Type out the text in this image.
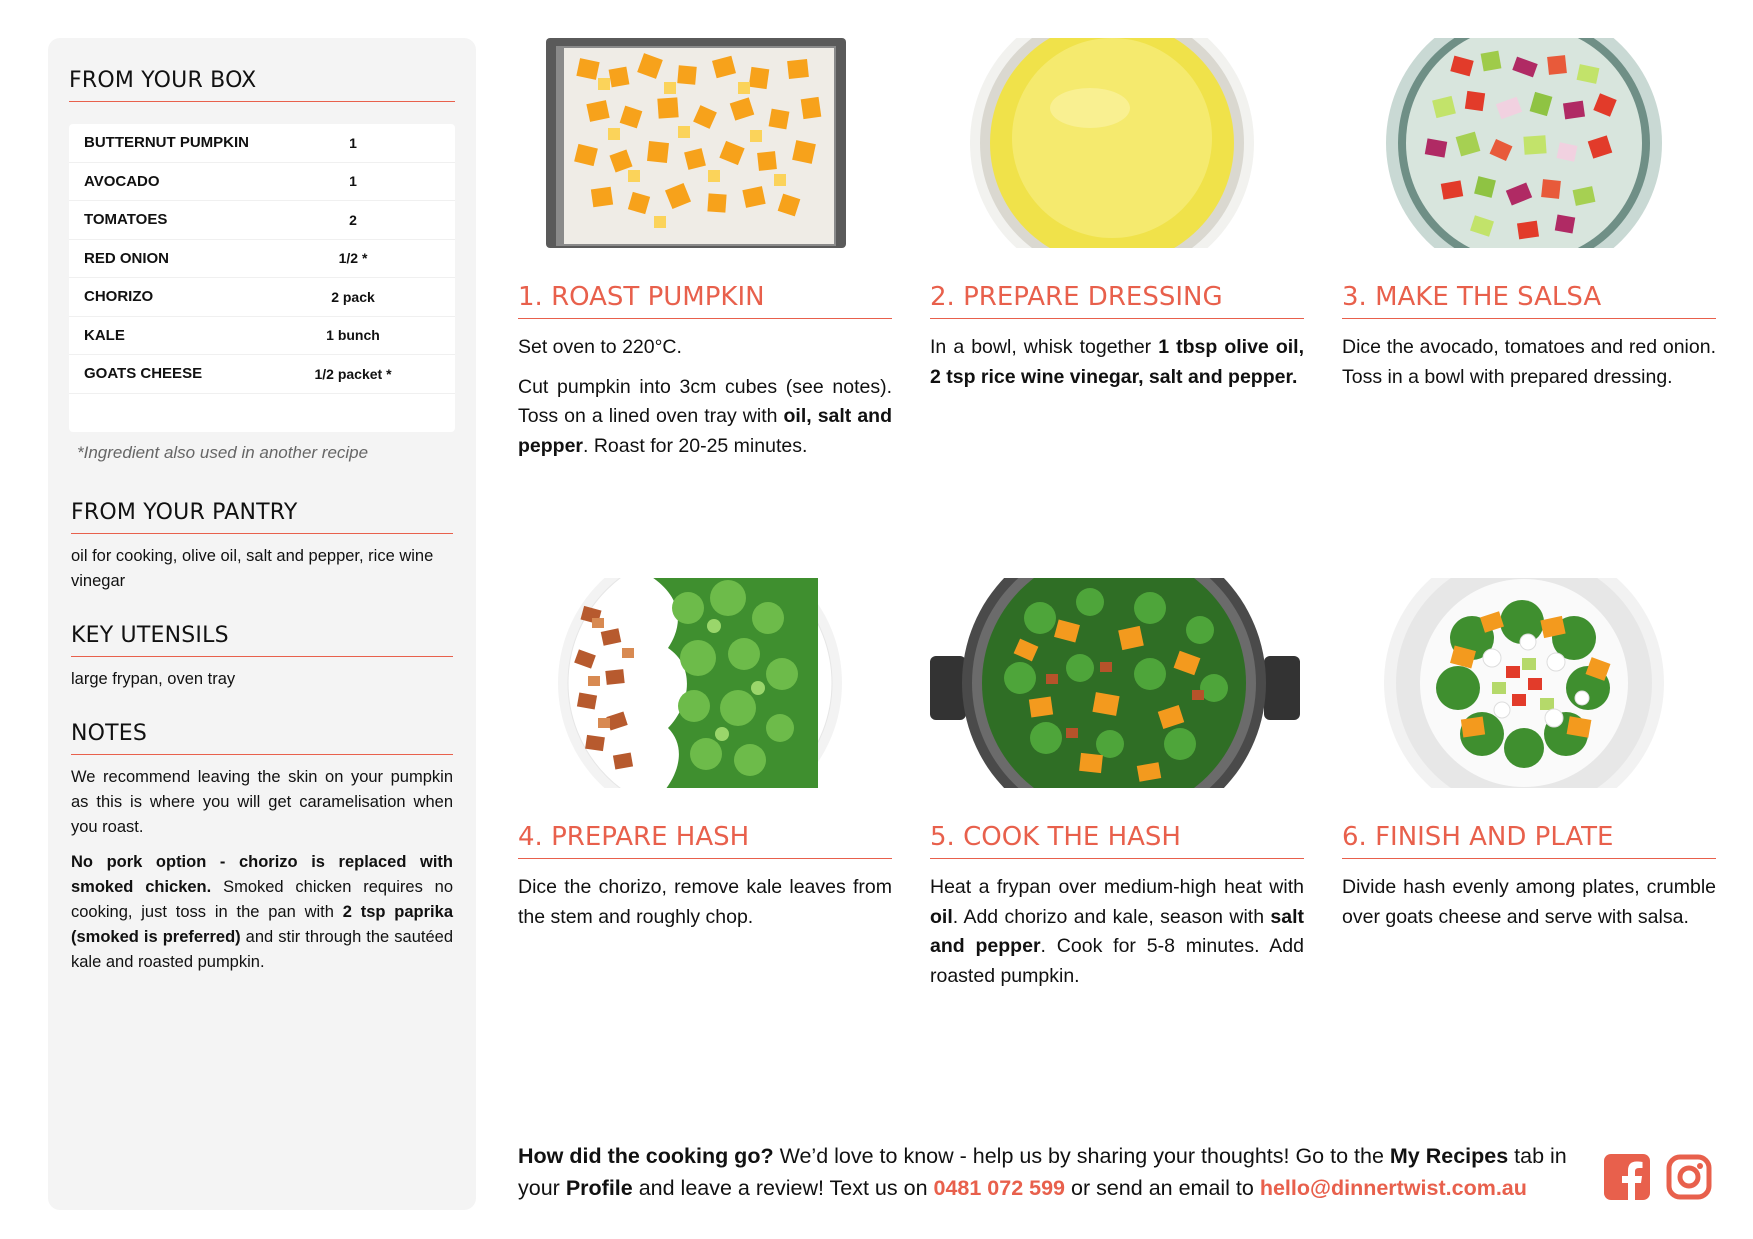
FROM YOUR BOX
BUTTERNUT PUMPKIN	1
AVOCADO	1
TOMATOES	2
RED ONION	1/2 *
CHORIZO	2 pack
KALE	1 bunch
GOATS CHEESE	1/2 packet *
*Ingredient also used in another recipe
FROM YOUR PANTRY
oil for cooking, olive oil, salt and pepper, rice wine vinegar
KEY UTENSILS
large frypan, oven tray
NOTES
We recommend leaving the skin on your pumpkin as this is where you will get caramelisation when you roast.
No pork option - chorizo is replaced with smoked chicken. Smoked chicken requires no cooking, just toss in the pan with 2 tsp paprika (smoked is preferred) and stir through the sautéed kale and roasted pumpkin.
1. ROAST PUMPKIN

Set oven to 220°C.

Cut pumpkin into 3cm cubes (see notes). Toss on a lined oven tray with oil, salt and pepper. Roast for 20-25 minutes.

2. PREPARE DRESSING

In a bowl, whisk together 1 tbsp olive oil, 2 tsp rice wine vinegar, salt and pepper.

3. MAKE THE SALSA

Dice the avocado, tomatoes and red onion. Toss in a bowl with prepared dressing.

4. PREPARE HASH

Dice the chorizo, remove kale leaves from the stem and roughly chop.

5. COOK THE HASH

Heat a frypan over medium-high heat with oil. Add chorizo and kale, season with salt and pepper. Cook for 5-8 minutes. Add roasted pumpkin.

6. FINISH AND PLATE

Divide hash evenly among plates, crumble over goats cheese and serve with salsa.

How did the cooking go? We’d love to know - help us by sharing your thoughts! Go to the My Recipes tab in your Profile and leave a review! Text us on 0481 072 599 or send an email to hello@dinnertwist.com.au
